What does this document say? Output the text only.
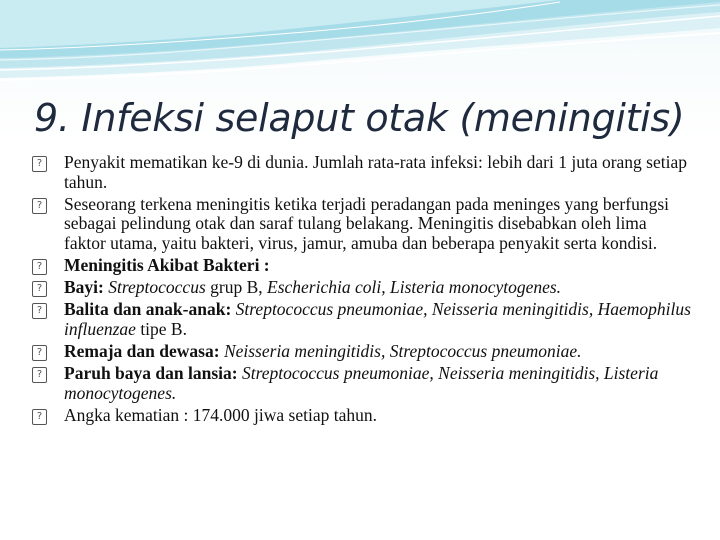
9. Infeksi selaput otak (meningitis)
? Penyakit mematikan ke-9 di dunia. Jumlah rata-rata infeksi: lebih dari 1 juta orang setiap tahun.
? Seseorang terkena meningitis ketika terjadi peradangan pada meninges yang berfungsi sebagai pelindung otak dan saraf tulang belakang. Meningitis disebabkan oleh lima faktor utama, yaitu bakteri, virus, jamur, amuba dan beberapa penyakit serta kondisi.
? Meningitis Akibat Bakteri :
? Bayi: Streptococcus grup B, Escherichia coli, Listeria monocytogenes.
? Balita dan anak-anak: Streptococcus pneumoniae, Neisseria meningitidis, Haemophilus influenzae tipe B.
? Remaja dan dewasa: Neisseria meningitidis, Streptococcus pneumoniae.
? Paruh baya dan lansia: Streptococcus pneumoniae, Neisseria meningitidis, Listeria monocytogenes.
? Angka kematian : 174.000 jiwa setiap tahun.
